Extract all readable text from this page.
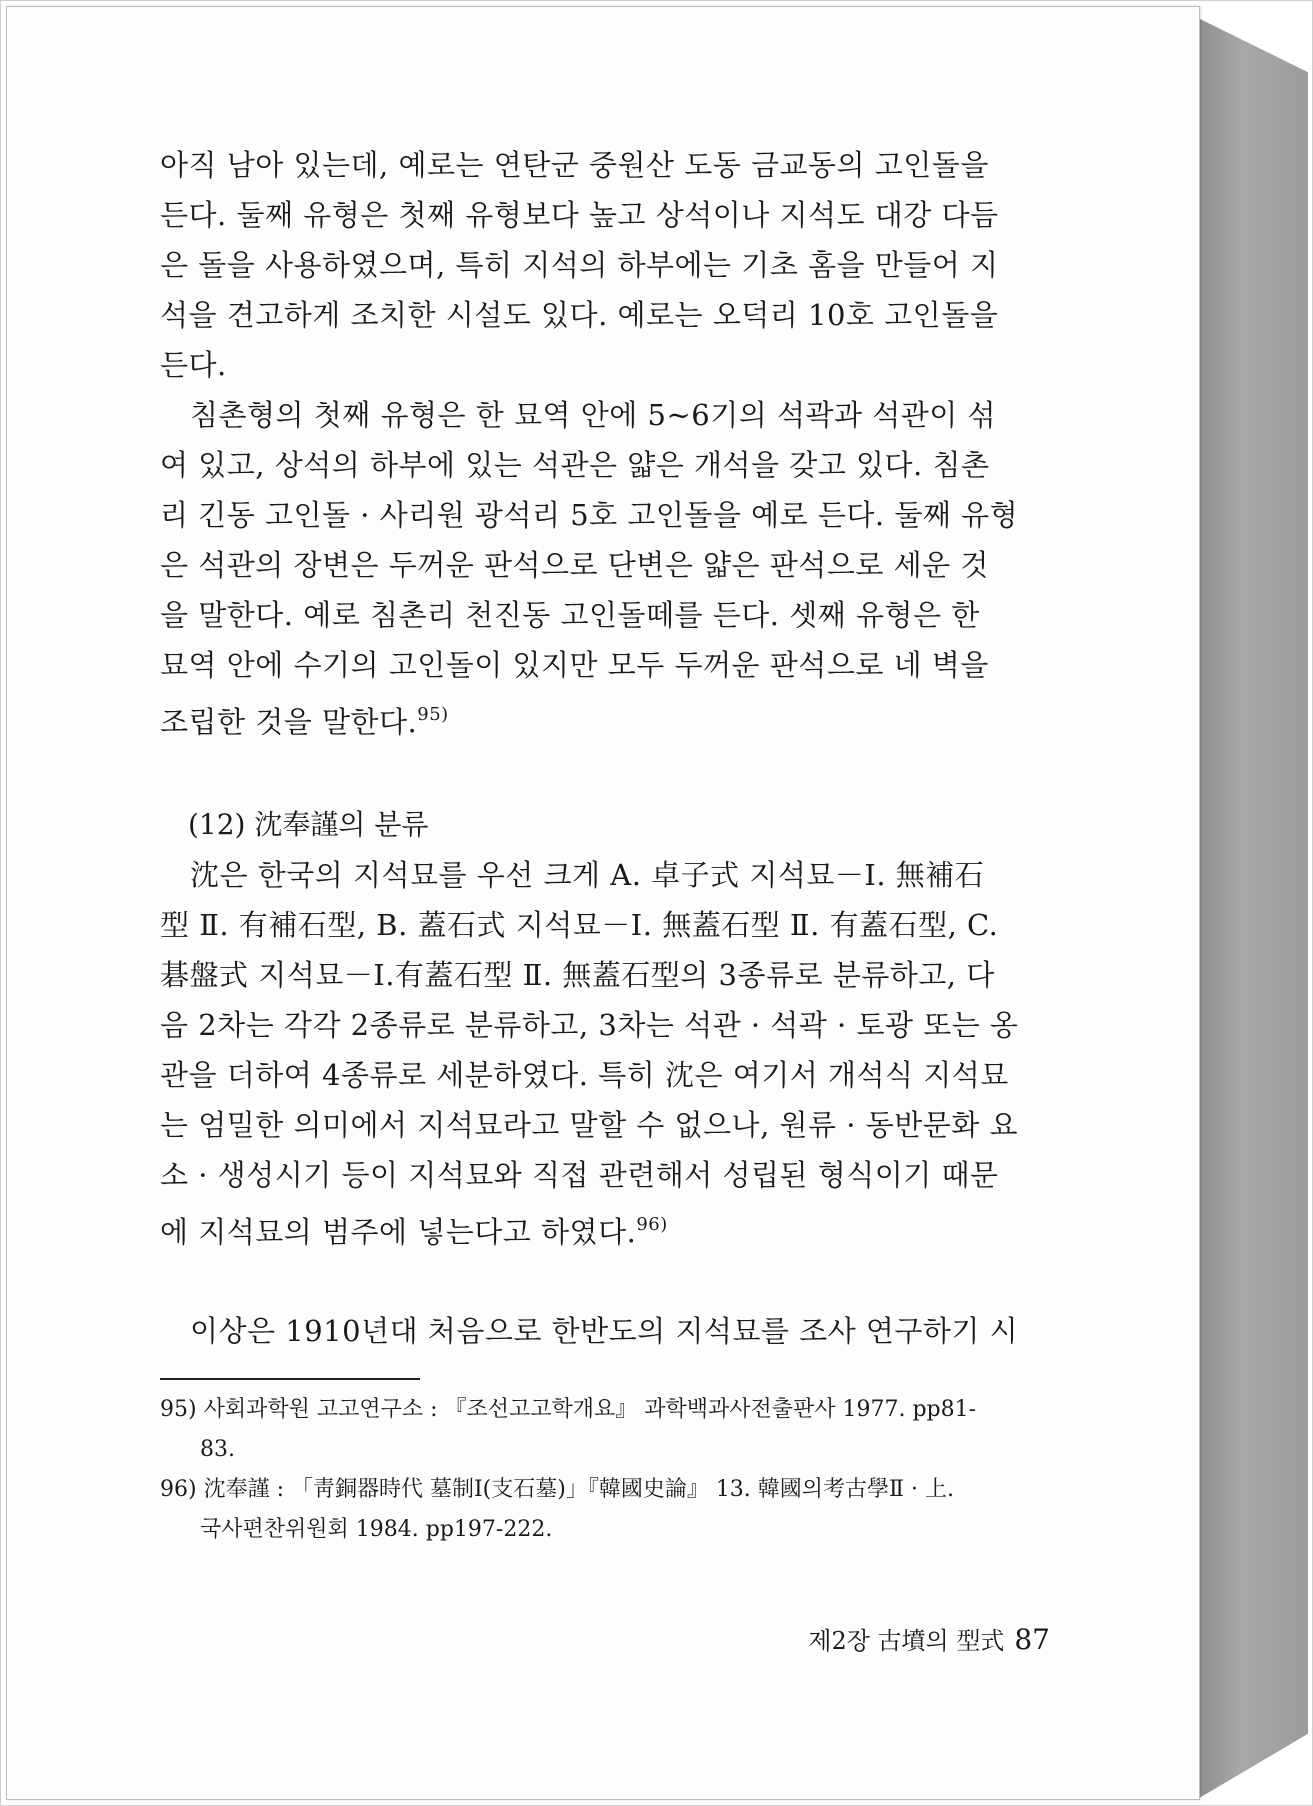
아직 남아 있는데, 예로는 연탄군 중원산 도동 금교동의 고인돌을
든다. 둘째 유형은 첫째 유형보다 높고 상석이나 지석도 대강 다듬
은 돌을 사용하였으며, 특히 지석의 하부에는 기초 홈을 만들어 지
석을 견고하게 조치한 시설도 있다. 예로는 오덕리 10호 고인돌을
든다.
침촌형의 첫째 유형은 한 묘역 안에 5~6기의 석곽과 석관이 섞
여 있고, 상석의 하부에 있는 석관은 얇은 개석을 갖고 있다. 침촌
리 긴동 고인돌 · 사리원 광석리 5호 고인돌을 예로 든다. 둘째 유형
은 석관의 장변은 두꺼운 판석으로 단변은 얇은 판석으로 세운 것
을 말한다. 예로 침촌리 천진동 고인돌떼를 든다. 셋째 유형은 한
묘역 안에 수기의 고인돌이 있지만 모두 두꺼운 판석으로 네 벽을
조립한 것을 말한다.$^{95)}$
(12) 沈奉謹의 분류
沈은 한국의 지석묘를 우선 크게 A. 卓子式 지석묘－Ⅰ. 無補石
型 Ⅱ. 有補石型, B. 蓋石式 지석묘－Ⅰ. 無蓋石型 Ⅱ. 有蓋石型, C.
碁盤式 지석묘－Ⅰ.有蓋石型 Ⅱ. 無蓋石型의 3종류로 분류하고, 다
음 2차는 각각 2종류로 분류하고, 3차는 석관 · 석곽 · 토광 또는 옹
관을 더하여 4종류로 세분하였다. 특히 沈은 여기서 개석식 지석묘
는 엄밀한 의미에서 지석묘라고 말할 수 없으나, 원류 · 동반문화 요
소 · 생성시기 등이 지석묘와 직접 관련해서 성립된 형식이기 때문
에 지석묘의 범주에 넣는다고 하였다.$^{96)}$
이상은 1910년대 처음으로 한반도의 지석묘를 조사 연구하기 시
95) 사회과학원 고고연구소 : 『조선고고학개요』 과학백과사전출판사 1977. pp81-
83.
96) 沈奉謹 : 「靑銅器時代 墓制Ⅰ(支石墓)」『韓國史論』 13. 韓國의考古學Ⅱ · 上.
국사편찬위원회 1984. pp197-222.
제2장 古墳의 型式 87
